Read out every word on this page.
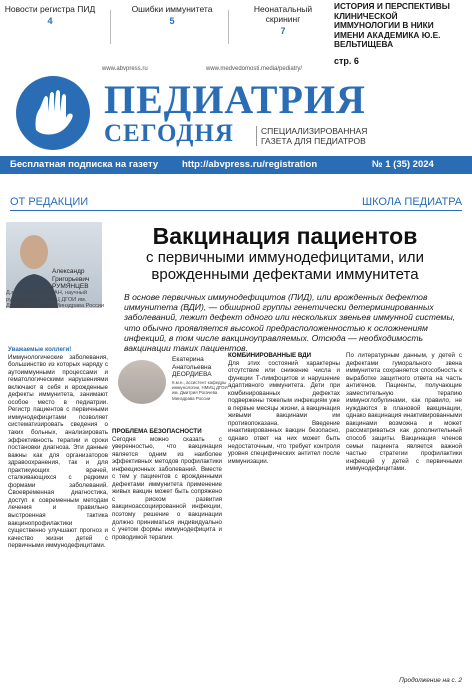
Новости регистра ПИД
4
Ошибки иммунитета
5
Неонатальный скрининг
7
ИСТОРИЯ И ПЕРСПЕКТИВЫ КЛИНИЧЕСКОЙ ИММУНОЛОГИИ В НИКИ ИМЕНИ АКАДЕМИКА Ю.Е. ВЕЛЬТИЩЕВА
стр. 6
www.abvpress.ru	www.medvedomosti.media/pediatry/
ПЕДИАТРИЯ
СЕГОДНЯ	СПЕЦИАЛИЗИРОВАННАЯ ГАЗЕТА ДЛЯ ПЕДИАТРОВ
Бесплатная подписка на газету	http://abvpress.ru/registration	№ 1 (35) 2024
ОТ РЕДАКЦИИ	ШКОЛА ПЕДИАТРА
Александр Григорьевич РУМЯНЦЕВ
Д.м.н., академик РАН, научный руководитель НМИЦ ДГОИ им. Дмитрия Рогачева Минздрава России
Вакцинация пациентов
с первичными иммунодефицитами, или врожденными дефектами иммунитета
В основе первичных иммунодефицитов (ПИД), или врожденных дефектов иммунитета (ВДИ), — обширной группы генетически детерминированных заболеваний, лежит дефект одного или нескольких звеньев иммунной системы, что обычно проявляется высокой предрасположенностью к осложнениям инфекций, в том числе вакциноуправляемых. Отсюда — необходимость вакцинации таких пациентов.
Уважаемые коллеги!
Иммунологические заболевания, большинство из которых наряду с аутоиммунными процессами и гематологическими нарушениями включают в себя и врожденные дефекты иммунитета, занимают особое место в педиатрии. Регистр пациентов с первичными иммунодефицитами позволяет систематизировать сведения о таких больных, анализировать эффективность терапии и сроки постановки диагноза. Эти данные важны как для организаторов здравоохранения, так и для практикующих врачей, сталкивающихся с редкими формами заболеваний. Своевременная диагностика, доступ к современным методам лечения и правильно выстроенная тактика вакцинопрофилактики существенно улучшают прогноз и качество жизни детей с первичными иммунодефицитами.
Екатерина Анатольевна ДЕОРДИЕВА
К.м.н., ассистент кафедры иммунологии, НМИЦ ДГОИ им. Дмитрия Рогачева Минздрава России
ПРОБЛЕМА БЕЗОПАСНОСТИ
Сегодня можно сказать с уверенностью, что вакцинация является одним из наиболее эффективных методов профилактики инфекционных заболеваний. Вместе с тем у пациентов с врожденными дефектами иммунитета применение живых вакцин может быть сопряжено с риском развития вакциноассоциированной инфекции, поэтому решение о вакцинации должно приниматься индивидуально с учетом формы иммунодефицита и проводимой терапии.
КОМБИНИРОВАННЫЕ ВДИ
Для этих состояний характерны отсутствие или снижение числа и функции Т-лимфоцитов и нарушение адаптивного иммунитета. Дети при комбинированных дефектах подвержены тяжелым инфекциям уже в первые месяцы жизни, а вакцинация живыми вакцинами им противопоказана. Введение инактивированных вакцин безопасно, однако ответ на них может быть недостаточным, что требует контроля уровня специфических антител после иммунизации.
По литературным данным, у детей с дефектами гуморального звена иммунитета сохраняется способность к выработке защитного ответа на часть антигенов. Пациенты, получающие заместительную терапию иммуноглобулинами, как правило, не нуждаются в плановой вакцинации, однако вакцинация инактивированными вакцинами возможна и может рассматриваться как дополнительный способ защиты. Вакцинация членов семьи пациента является важной частью стратегии профилактики инфекций у детей с первичными иммунодефицитами.
Продолжение на с. 2
